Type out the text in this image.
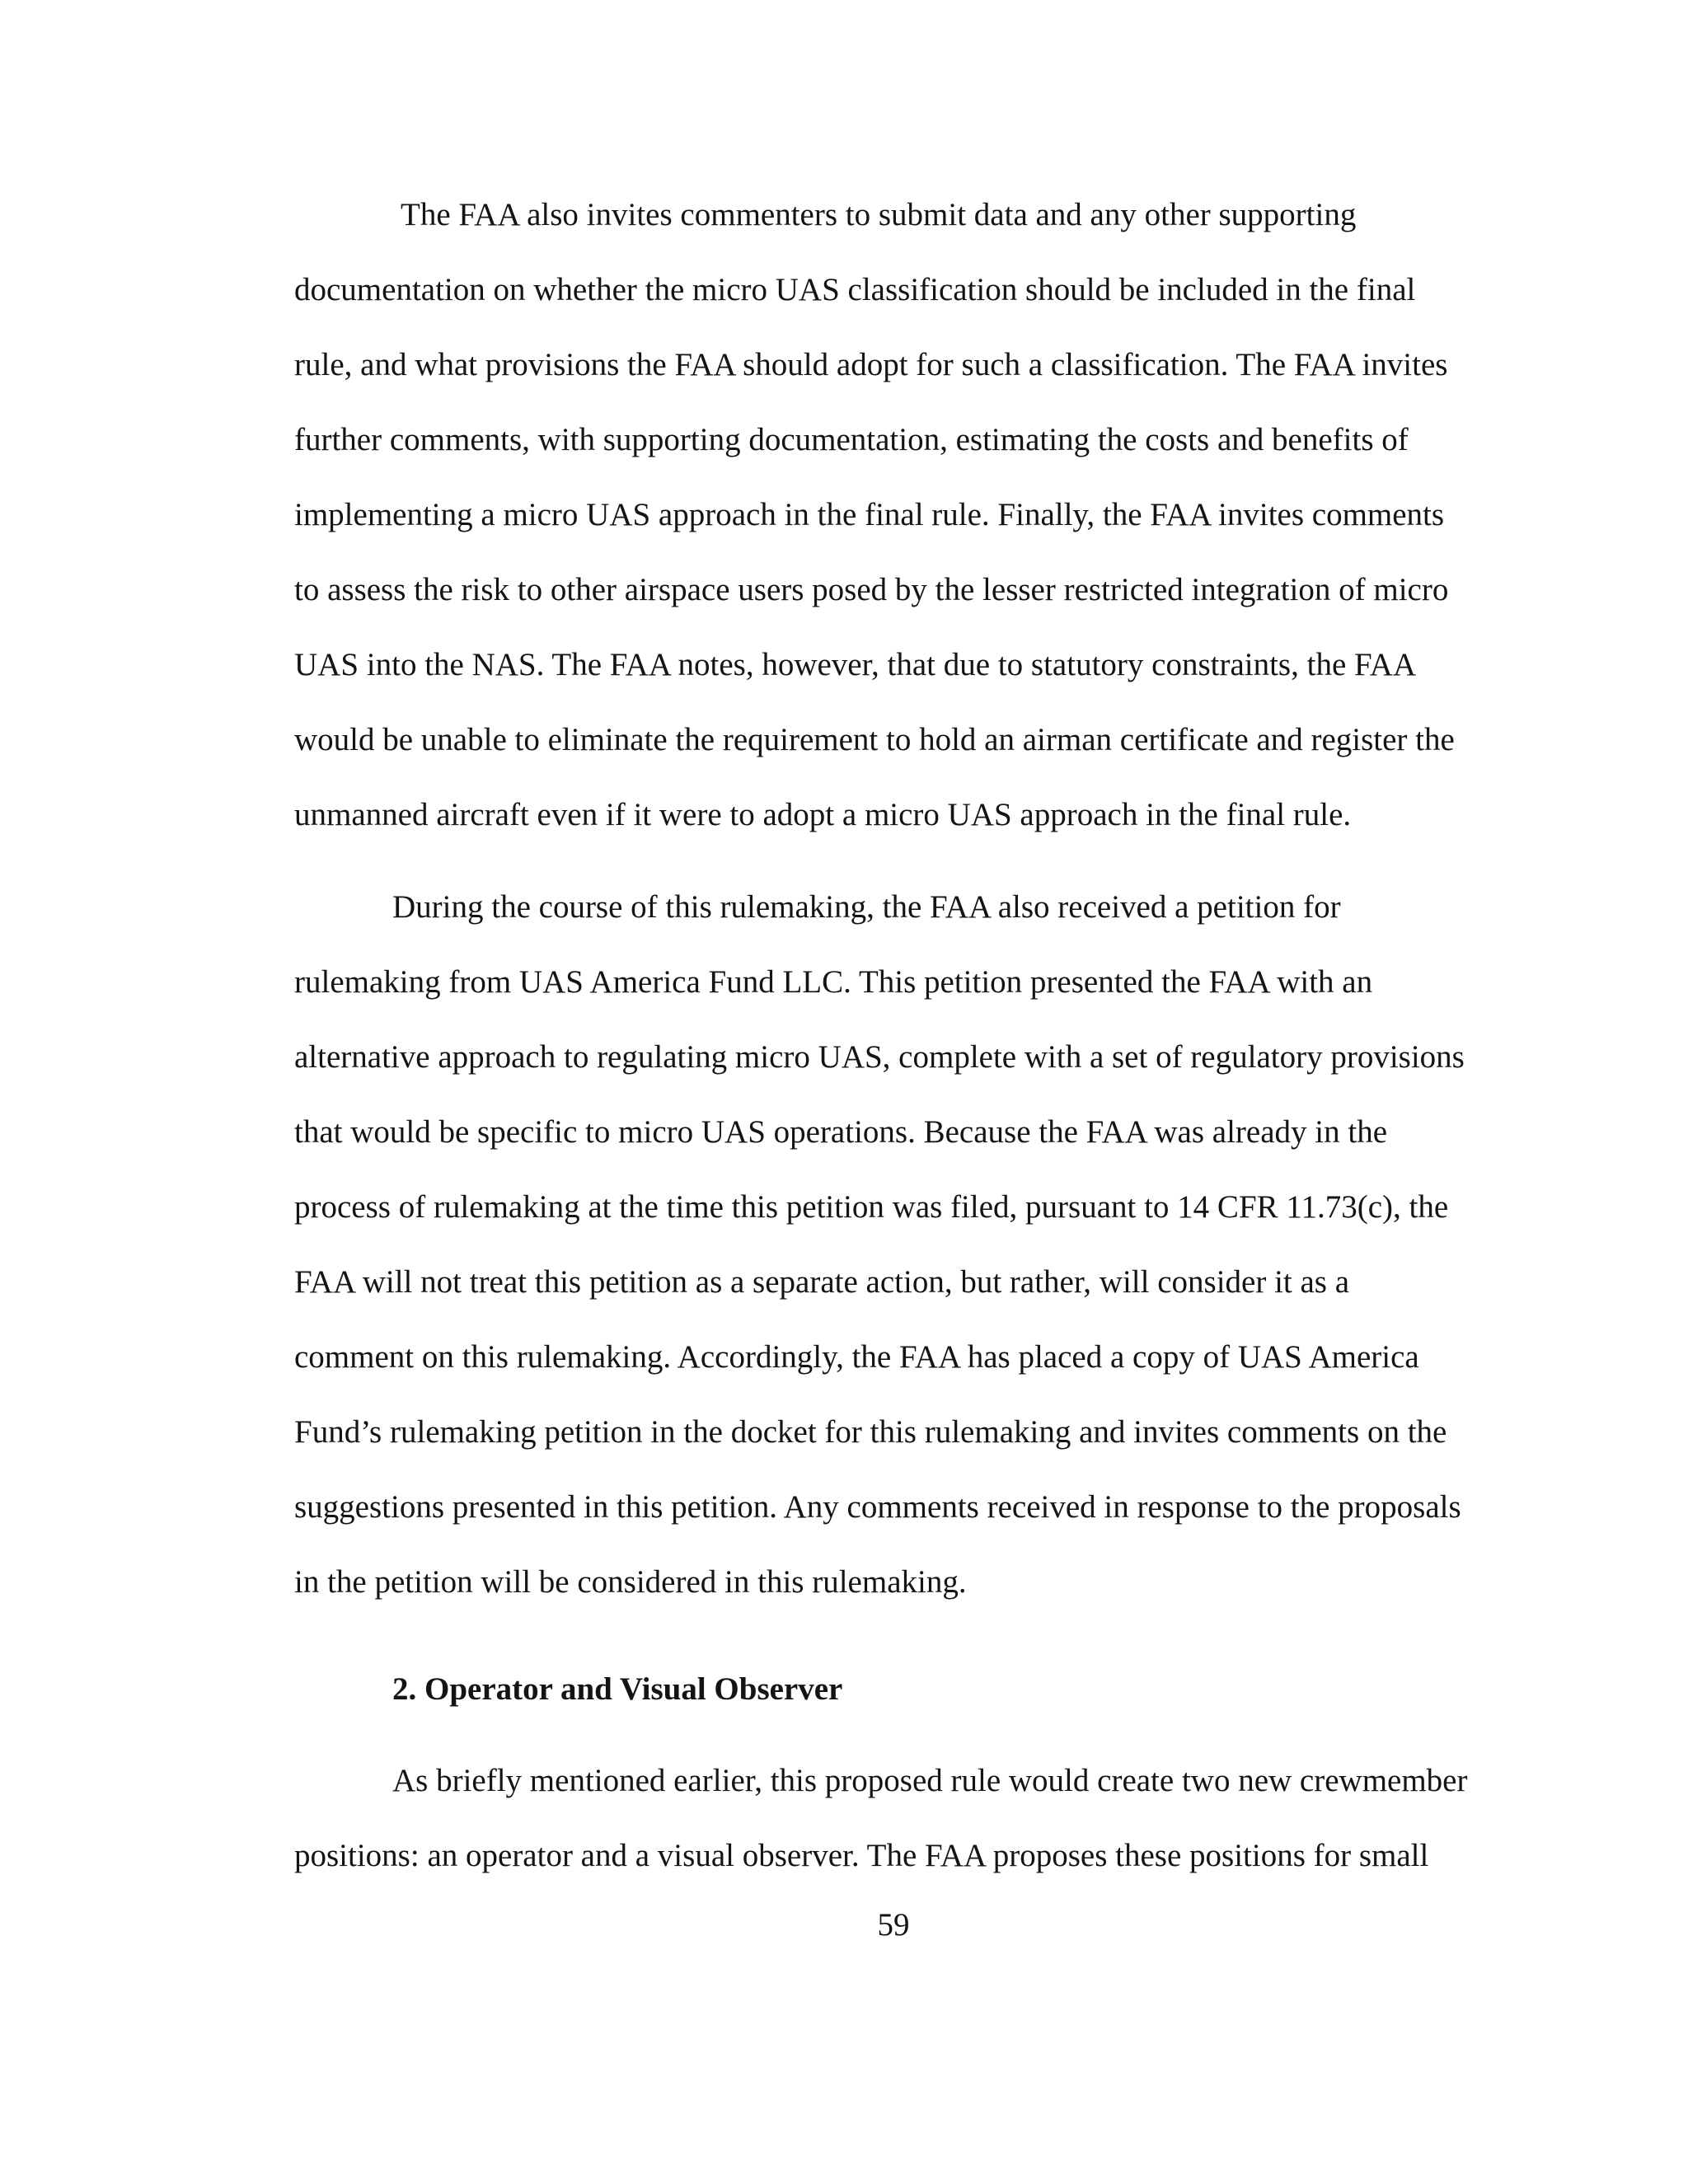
The FAA also invites commenters to submit data and any other supporting

documentation on whether the micro UAS classification should be included in the final

rule, and what provisions the FAA should adopt for such a classification. The FAA invites

further comments, with supporting documentation, estimating the costs and benefits of

implementing a micro UAS approach in the final rule. Finally, the FAA invites comments

to assess the risk to other airspace users posed by the lesser restricted integration of micro

UAS into the NAS. The FAA notes, however, that due to statutory constraints, the FAA

would be unable to eliminate the requirement to hold an airman certificate and register the

unmanned aircraft even if it were to adopt a micro UAS approach in the final rule.

During the course of this rulemaking, the FAA also received a petition for

rulemaking from UAS America Fund LLC. This petition presented the FAA with an

alternative approach to regulating micro UAS, complete with a set of regulatory provisions

that would be specific to micro UAS operations. Because the FAA was already in the

process of rulemaking at the time this petition was filed, pursuant to 14 CFR 11.73(c), the

FAA will not treat this petition as a separate action, but rather, will consider it as a

comment on this rulemaking. Accordingly, the FAA has placed a copy of UAS America

Fund’s rulemaking petition in the docket for this rulemaking and invites comments on the

suggestions presented in this petition. Any comments received in response to the proposals

in the petition will be considered in this rulemaking.

2. Operator and Visual Observer

As briefly mentioned earlier, this proposed rule would create two new crewmember

positions: an operator and a visual observer. The FAA proposes these positions for small

59
